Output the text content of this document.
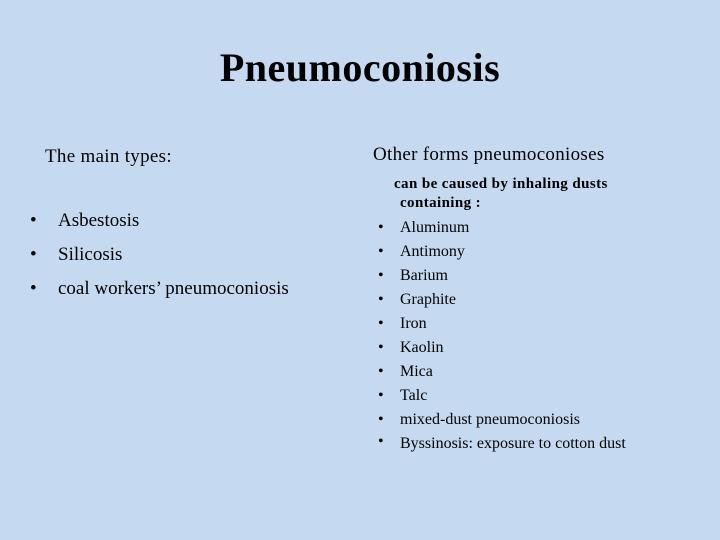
Pneumoconiosis
The main types:
• Asbestosis
• Silicosis
• coal workers’ pneumoconiosis
Other forms pneumoconioses
can be caused by inhaling dusts
containing :
• Aluminum
• Antimony
• Barium
• Graphite
• Iron
• Kaolin
• Mica
• Talc
• mixed-dust pneumoconiosis
• Byssinosis: exposure to cotton dust
